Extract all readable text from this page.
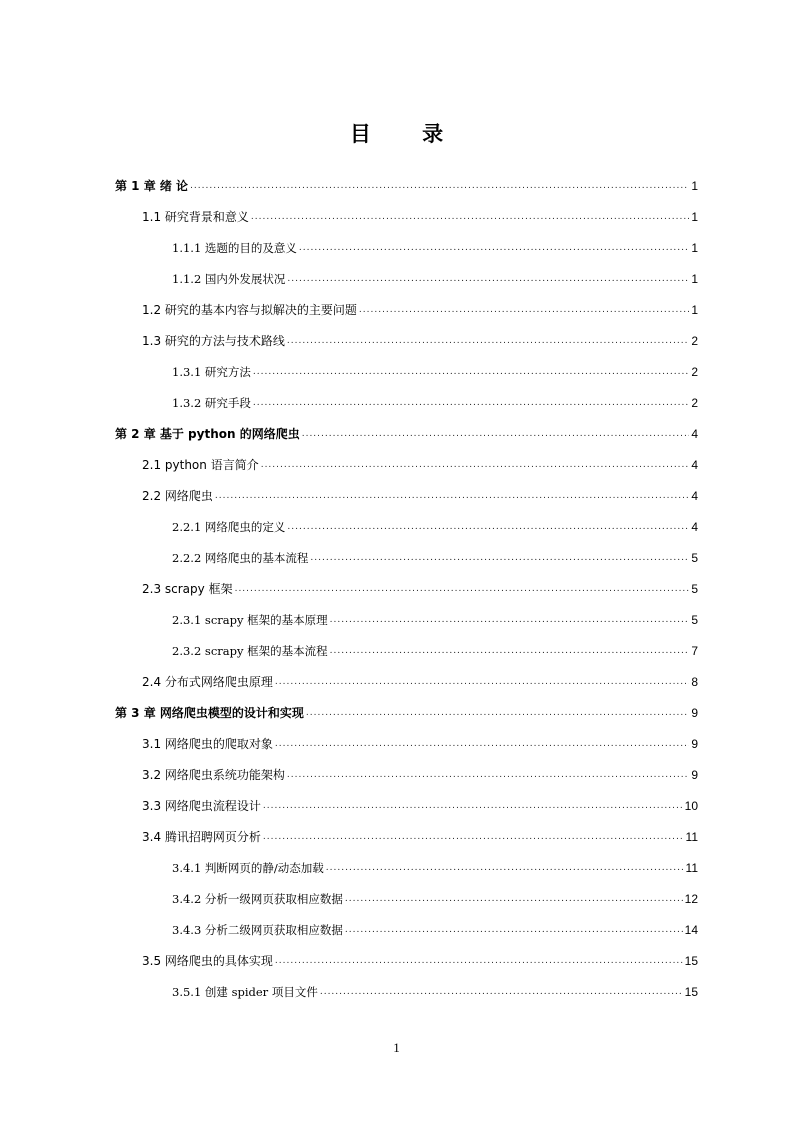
目 录
第 1 章 绪 论 .....	1
1.1 研究背景和意义 .....	1
1.1.1 选题的目的及意义 .....	1
1.1.2 国内外发展状况 .....	1
1.2 研究的基本内容与拟解决的主要问题 .....	1
1.3 研究的方法与技术路线 .....	2
1.3.1 研究方法 .....	2
1.3.2 研究手段 .....	2
第 2 章 基于 python 的网络爬虫 .....	4
2.1 python 语言简介 .....	4
2.2 网络爬虫 .....	4
2.2.1 网络爬虫的定义 .....	4
2.2.2 网络爬虫的基本流程 .....	5
2.3 scrapy 框架 .....	5
2.3.1 scrapy 框架的基本原理 .....	5
2.3.2 scrapy 框架的基本流程 .....	7
2.4 分布式网络爬虫原理 .....	8
第 3 章 网络爬虫模型的设计和实现 .....	9
3.1 网络爬虫的爬取对象 .....	9
3.2 网络爬虫系统功能架构 .....	9
3.3 网络爬虫流程设计 .....	10
3.4 腾讯招聘网页分析 .....	11
3.4.1 判断网页的静/动态加载 .....	11
3.4.2 分析一级网页获取相应数据 .....	12
3.4.3 分析二级网页获取相应数据 .....	14
3.5 网络爬虫的具体实现 .....	15
3.5.1 创建 spider 项目文件 .....	15
1
